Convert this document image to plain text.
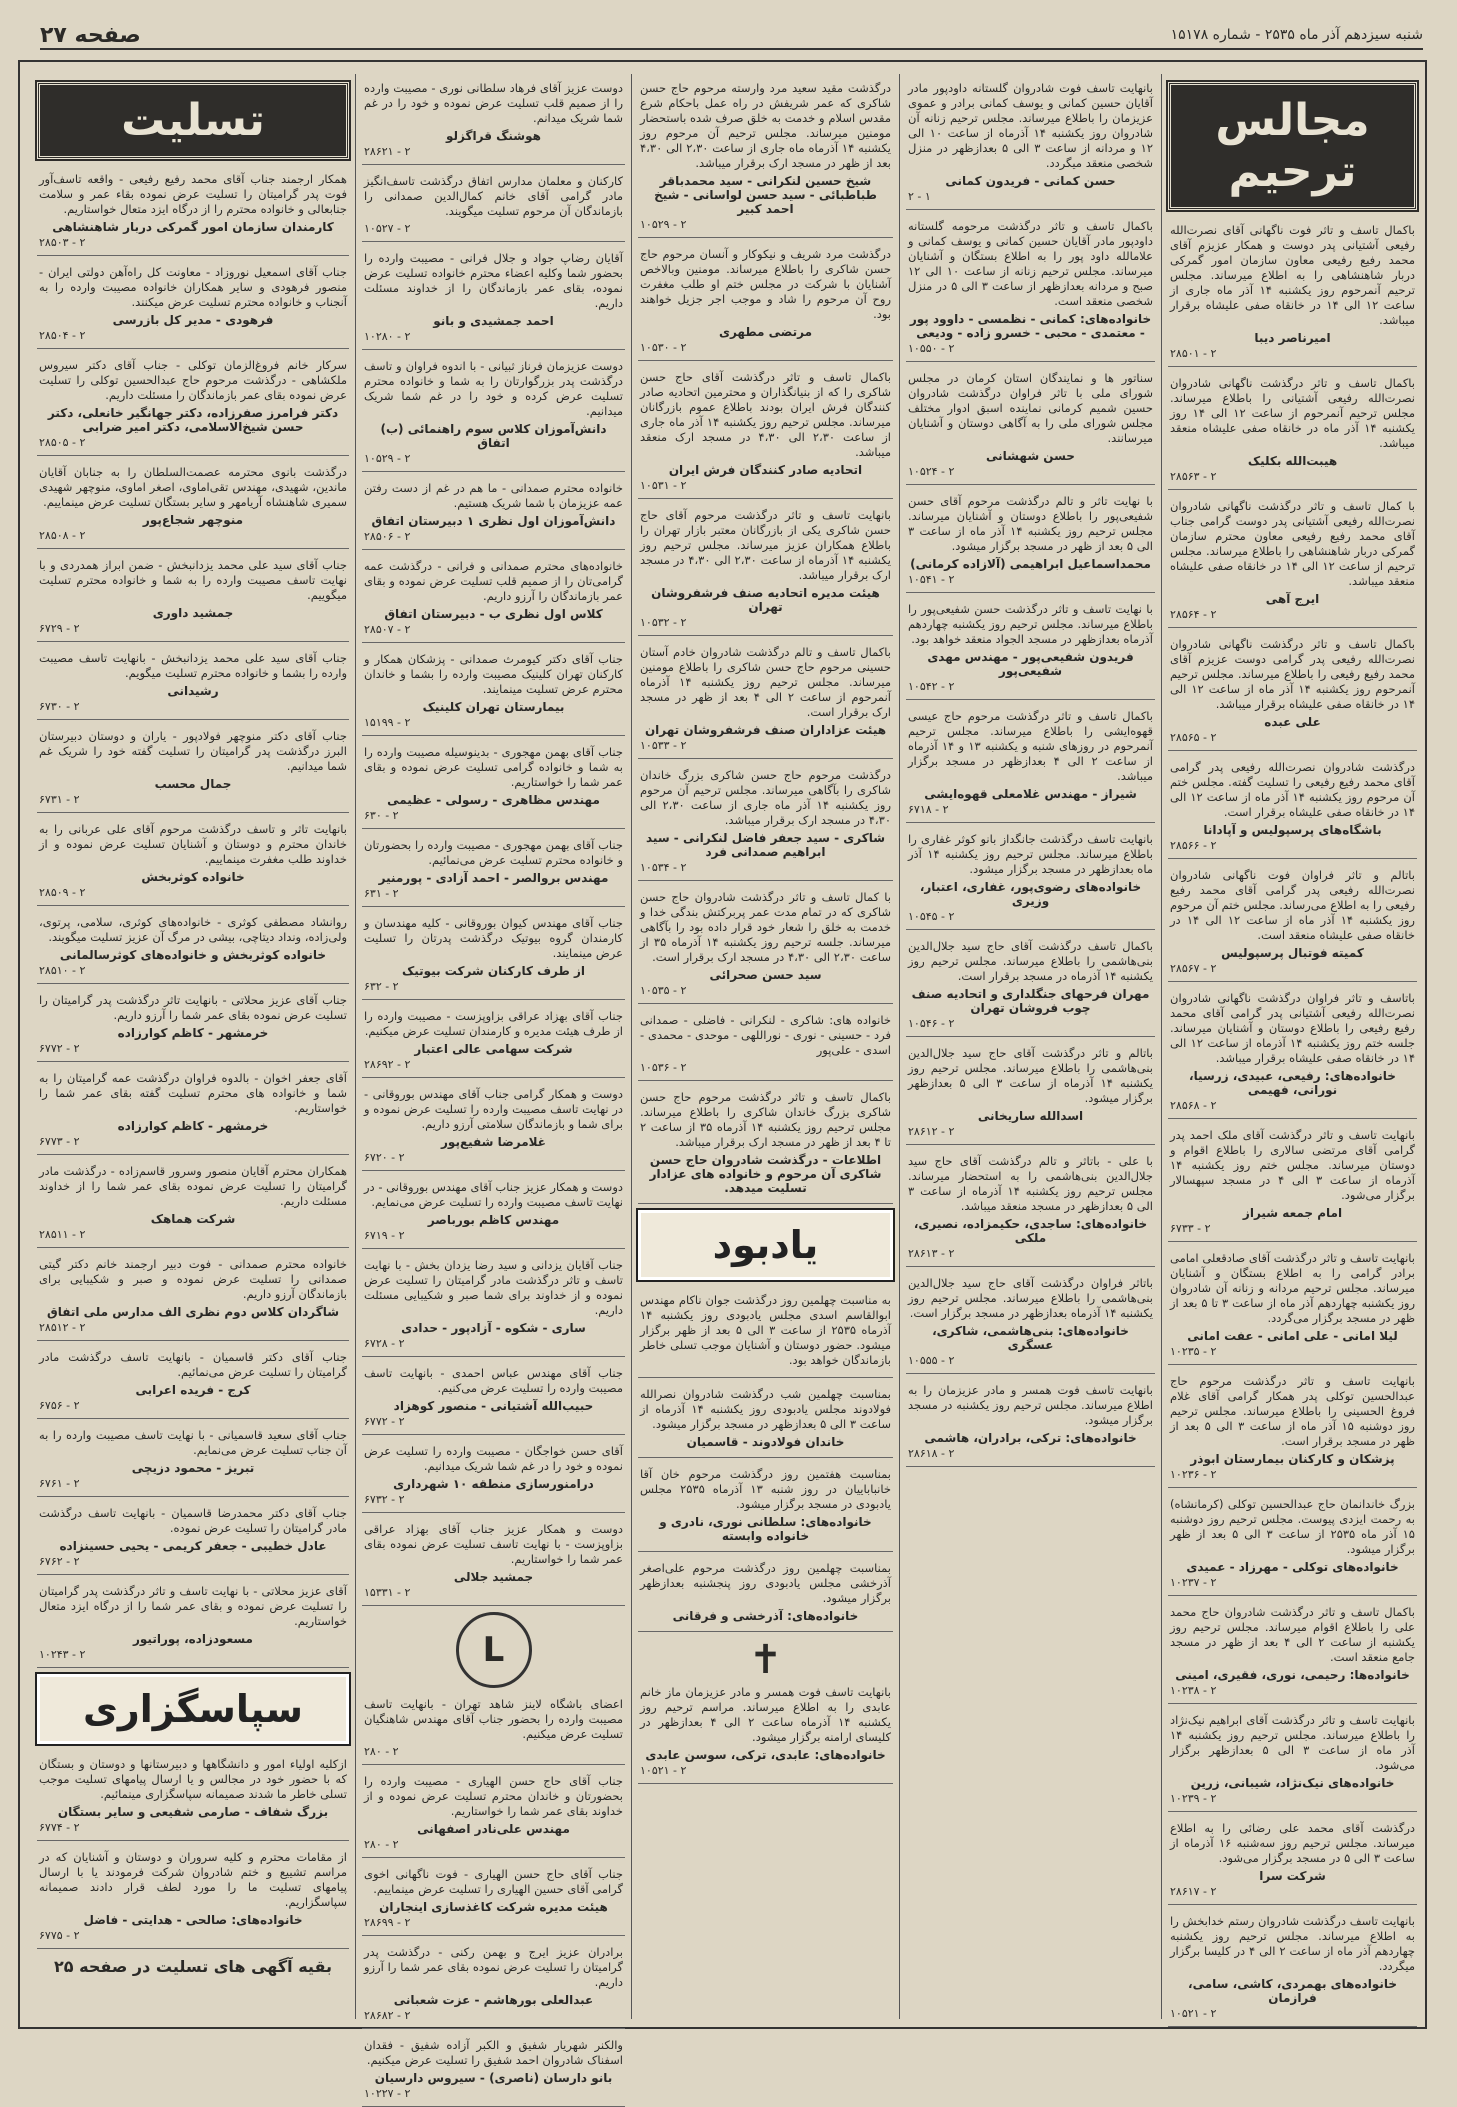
شنبه سیزدهم آذر ماه ۲۵۳۵ - شماره ۱۵۱۷۸
صفحه ۲۷
مجالس ترحیم

باکمال تاسف و تاثر فوت ناگهانی آقای نصرت‌الله رفیعی آشتیانی پدر دوست و همکار عزیزم آقای محمد رفیع رفیعی معاون سازمان امور گمرکی دربار شاهنشاهی را به اطلاع میرساند. مجلس ترحیم آنمرحوم روز یکشنبه ۱۴ آذر ماه جاری از ساعت ۱۲ الی ۱۴ در خانقاه صفی علیشاه برقرار میباشد.

امیرناصر دیبا
۲۸۵۰۱ - ۲

باکمال تاسف و تاثر درگذشت ناگهانی شادروان نصرت‌الله رفیعی آشتیانی را باطلاع میرساند. مجلس ترحیم آنمرحوم از ساعت ۱۲ الی ۱۴ روز یکشنبه ۱۴ آذر ماه در خانقاه صفی علیشاه منعقد میباشد.

هیبت‌الله بکلیک
۲۸۵۶۳ - ۲

با کمال تاسف و تاثر درگذشت ناگهانی شادروان نصرت‌الله رفیعی آشتیانی پدر دوست گرامی جناب آقای محمد رفیع رفیعی معاون محترم سازمان گمرکی دربار شاهنشاهی را باطلاع میرساند. مجلس ترحیم از ساعت ۱۲ الی ۱۴ در خانقاه صفی علیشاه منعقد میباشد.

ایرج آهی
۲۸۵۶۴ - ۲

باکمال تاسف و تاثر درگذشت ناگهانی شادروان نصرت‌الله رفیعی پدر گرامی دوست عزیزم آقای محمد رفیع رفیعی را باطلاع میرساند. مجلس ترحیم آنمرحوم روز یکشنبه ۱۴ آذر ماه از ساعت ۱۲ الی ۱۴ در خانقاه صفی علیشاه برقرار میباشد.

علی عبده
۲۸۵۶۵ - ۲

درگذشت شادروان نصرت‌الله رفیعی پدر گرامی آقای محمد رفیع رفیعی را تسلیت گفته. مجلس ختم آن مرحوم روز یکشنبه ۱۴ آذر ماه از ساعت ۱۲ الی ۱۴ در خانقاه صفی علیشاه برقرار است.

باشگاه‌های پرسپولیس و آپادانا
۲۸۵۶۶ - ۲

باتالم و تاثر فراوان فوت ناگهانی شادروان نصرت‌الله رفیعی پدر گرامی آقای محمد رفیع رفیعی را به اطلاع می‌رساند. مجلس ختم آن مرحوم روز یکشنبه ۱۴ آذر ماه از ساعت ۱۲ الی ۱۴ در خانقاه صفی علیشاه منعقد است.

کمیته فوتبال پرسپولیس
۲۸۵۶۷ - ۲

باتاسف و تاثر فراوان درگذشت ناگهانی شادروان نصرت‌الله رفیعی آشتیانی پدر گرامی آقای محمد رفیع رفیعی را باطلاع دوستان و آشنایان میرساند. جلسه ختم روز یکشنبه ۱۴ آذرماه از ساعت ۱۲ الی ۱۴ در خانقاه صفی علیشاه برقرار میباشد.

خانواده‌های: رفیعی، عبیدی، زرسیا، نورانی، فهیمی
۲۸۵۶۸ - ۲

بانهایت تاسف و تاثر درگذشت آقای ملک احمد پدر گرامی آقای مرتضی سالاری را باطلاع اقوام و دوستان میرساند. مجلس ختم روز یکشنبه ۱۴ آذرماه از ساعت ۳ الی ۴ در مسجد سپهسالار برگزار می‌شود.

امام جمعه شیراز
۶۷۳۳ - ۲

بانهایت تاسف و تاثر درگذشت آقای صادقعلی امامی برادر گرامی را به اطلاع بستگان و آشنایان میرساند. مجلس ترحیم مردانه و زنانه آن شادروان روز یکشنبه چهاردهم آذر ماه از ساعت ۳ تا ۵ بعد از ظهر در مسجد برگزار می‌گردد.

لیلا امانی - علی امانی - عفت امانی
۱۰۲۳۵ - ۲

بانهایت تاسف و تاثر درگذشت مرحوم حاج عبدالحسین توکلی پدر همکار گرامی آقای غلام فروغ الحسینی را باطلاع میرساند. مجلس ترحیم روز دوشنبه ۱۵ آذر ماه از ساعت ۳ الی ۵ بعد از ظهر در مسجد برقرار است.

پزشکان و کارکنان بیمارستان ابوذر
۱۰۲۳۶ - ۲

بزرگ خاندانمان حاج عبدالحسین توکلی (کرمانشاه) به رحمت ایزدی پیوست. مجلس ترحیم روز دوشنبه ۱۵ آذر ماه ۲۵۳۵ از ساعت ۳ الی ۵ بعد از ظهر برگزار میشود.

خانواده‌های توکلی - مهرزاد - عمیدی
۱۰۲۳۷ - ۲

باکمال تاسف و تاثر درگذشت شادروان حاج محمد علی را باطلاع اقوام میرساند. مجلس ترحیم روز یکشنبه از ساعت ۲ الی ۴ بعد از ظهر در مسجد جامع منعقد است.

خانواده‌ها: رحیمی، نوری، فقیری، امینی
۱۰۲۳۸ - ۲

بانهایت تاسف و تاثر درگذشت آقای ابراهیم نیک‌نژاد را باطلاع میرساند. مجلس ترحیم روز یکشنبه ۱۴ آذر ماه از ساعت ۳ الی ۵ بعدازظهر برگزار می‌شود.

خانواده‌های نیک‌نژاد، شیبانی، زرین
۱۰۲۳۹ - ۲

درگذشت آقای محمد علی رضائی را به اطلاع میرساند. مجلس ترحیم روز سه‌شنبه ۱۶ آذرماه از ساعت ۳ الی ۵ در مسجد برگزار می‌شود.

شرکت سرا
۲۸۶۱۷ - ۲

بانهایت تاسف درگذشت شادروان رستم خدابخش را به اطلاع میرساند. مجلس ترحیم روز یکشنبه چهاردهم آذر ماه از ساعت ۲ الی ۴ در کلیسا برگزار میگردد.

خانواده‌های بهمردی، کاشی، سامی، فرازمان
۱۰۵۲۱ - ۲

بانهایت تاسف فوت شادروان گلستانه داودپور مادر آقایان حسین کمانی و یوسف کمانی برادر و عموی عزیزمان را باطلاع میرساند. مجلس ترحیم زنانه آن شادروان روز یکشنبه ۱۴ آذرماه از ساعت ۱۰ الی ۱۲ و مردانه از ساعت ۳ الی ۵ بعدازظهر در منزل شخصی منعقد میگردد.

حسن کمانی - فریدون کمانی
۲ - ۱

باکمال تاسف و تاثر درگذشت مرحومه گلستانه داودپور مادر آقایان حسین کمانی و یوسف کمانی و علامالله داود پور را به اطلاع بستگان و آشنایان میرساند. مجلس ترحیم زنانه از ساعت ۱۰ الی ۱۲ صبح و مردانه بعدازظهر از ساعت ۳ الی ۵ در منزل شخصی منعقد است.

خانواده‌های: کمانی - نظمسی - داوود پور - معتمدی - محبی - خسرو زاده - ودیعی
۱۰۵۵۰ - ۲

سناتور ها و نمایندگان استان کرمان در مجلس شورای ملی با تاثر فراوان درگذشت شادروان حسین شمیم کرمانی نماینده اسبق ادوار مختلف مجلس شورای ملی را به آگاهی دوستان و آشنایان میرسانند.

حسن شهشانی
۱۰۵۲۴ - ۲

با نهایت تاثر و تالم درگذشت مرحوم آقای حسن شفیعی‌پور را باطلاع دوستان و آشنایان میرساند. مجلس ترحیم روز یکشنبه ۱۴ آذر ماه از ساعت ۳ الی ۵ بعد از ظهر در مسجد برگزار میشود.

محمداسماعیل ابراهیمی (آلازاده کرمانی)
۱۰۵۴۱ - ۲

با نهایت تاسف و تاثر درگذشت حسن شفیعی‌پور را باطلاع میرساند. مجلس ترحیم روز یکشنبه چهاردهم آذرماه بعدازظهر در مسجد الجواد منعقد خواهد بود.

فریدون شفیعی‌پور - مهندس مهدی شفیعی‌پور
۱۰۵۴۲ - ۲

باکمال تاسف و تاثر درگذشت مرحوم حاج عیسی قهوه‌ایشی را باطلاع میرساند. مجلس ترحیم آنمرحوم در روزهای شنبه و یکشنبه ۱۳ و ۱۴ آذرماه از ساعت ۲ الی ۴ بعدازظهر در مسجد برگزار میباشد.

شیراز - مهندس غلامعلی قهوه‌ایشی
۶۷۱۸ - ۲

بانهایت تاسف درگذشت جانگداز بانو کوثر غفاری را باطلاع میرساند. مجلس ترحیم روز یکشنبه ۱۴ آذر ماه بعدازظهر در مسجد برگزار میشود.

خانواده‌های رضوی‌پور، غفاری، اعتبار، وزیری
۱۰۵۴۵ - ۲

باکمال تاسف درگذشت آقای حاج سید جلال‌الدین بنی‌هاشمی را باطلاع میرساند. مجلس ترحیم روز یکشنبه ۱۴ آذرماه در مسجد برقرار است.

مهران فرحهای جنگلداری و اتحادیه صنف چوب فروشان تهران
۱۰۵۴۶ - ۲

باتالم و تاثر درگذشت آقای حاج سید جلال‌الدین بنی‌هاشمی را باطلاع میرساند. مجلس ترحیم روز یکشنبه ۱۴ آذرماه از ساعت ۳ الی ۵ بعدازظهر برگزار میشود.

اسدالله ساریخانی
۲۸۶۱۲ - ۲

با علی - باتاثر و تالم درگذشت آقای حاج سید جلال‌الدین بنی‌هاشمی را به استحضار میرساند. مجلس ترحیم روز یکشنبه ۱۴ آذرماه از ساعت ۳ الی ۵ بعدازظهر در مسجد منعقد میباشد.

خانواده‌های: ساجدی، حکیمزاده، نصیری، ملکی
۲۸۶۱۳ - ۲

باتاثر فراوان درگذشت آقای حاج سید جلال‌الدین بنی‌هاشمی را باطلاع میرساند. مجلس ترحیم روز یکشنبه ۱۴ آذرماه بعدازظهر در مسجد برگزار است.

خانواده‌های: بنی‌هاشمی، شاکری، عسگری
۱۰۵۵۵ - ۲

بانهایت تاسف فوت همسر و مادر عزیزمان را به اطلاع میرساند. مجلس ترحیم روز یکشنبه در مسجد برگزار میشود.

خانواده‌های: ترکی، برادران، هاشمی
۲۸۶۱۸ - ۲

درگذشت مقید سعید مرد وارسته مرحوم حاج حسن شاکری که عمر شریفش در راه عمل باحکام شرع مقدس اسلام و خدمت به خلق صرف شده باستحضار مومنین میرساند. مجلس ترحیم آن مرحوم روز یکشنبه ۱۴ آذرماه ماه جاری از ساعت ۲،۳۰ الی ۴،۳۰ بعد از ظهر در مسجد ارک برقرار میباشد.

شیخ حسین لنکرانی - سید محمدباقر طباطبائی - سید حسن لواسانی - شیخ احمد کبیر
۱۰۵۲۹ - ۲

درگذشت مرد شریف و نیکوکار و آنسان مرحوم حاج حسن شاکری را باطلاع میرساند. مومنین وبالاخص آشنایان با شرکت در مجلس ختم او طلب مغفرت روح آن مرحوم را شاد و موجب اجر جزیل خواهند بود.

مرتضی مطهری
۱۰۵۳۰ - ۲

باکمال تاسف و تاثر درگذشت آقای حاج حسن شاکری را که از بنیانگذاران و محترمین اتحادیه صادر کنندگان فرش ایران بودند باطلاع عموم بازرگانان میرساند. مجلس ترحیم روز یکشنبه ۱۴ آذر ماه جاری از ساعت ۲،۳۰ الی ۴،۳۰ در مسجد ارک منعقد میباشد.

اتحادیه صادر کنندگان فرش ایران
۱۰۵۳۱ - ۲

بانهایت تاسف و تاثر درگذشت مرحوم آقای حاج حسن شاکری یکی از بازرگانان معتبر بازار تهران را باطلاع همکاران عزیز میرساند. مجلس ترحیم روز یکشنبه ۱۴ آذرماه از ساعت ۲،۳۰ الی ۴،۳۰ در مسجد ارک برقرار میباشد.

هیئت مدیره اتحادیه صنف فرشفروشان تهران
۱۰۵۳۲ - ۲

باکمال تاسف و تالم درگذشت شادروان خادم آستان حسینی مرحوم حاج حسن شاکری را باطلاع مومنین میرساند. مجلس ترحیم روز یکشنبه ۱۴ آذرماه آنمرحوم از ساعت ۲ الی ۴ بعد از ظهر در مسجد ارک برقرار است.

هیئت عزاداران صنف فرشفروشان تهران
۱۰۵۳۳ - ۲

درگذشت مرحوم حاج حسن شاکری بزرگ خاندان شاکری را بآگاهی میرساند. مجلس ترحیم آن مرحوم روز یکشنبه ۱۴ آذر ماه جاری از ساعت ۲،۳۰ الی ۴،۳۰ در مسجد ارک برقرار میباشد.

شاکری - سید جعفر فاضل لنکرانی - سید ابراهیم صمدانی فرد
۱۰۵۳۴ - ۲

با کمال تاسف و تاثر درگذشت شادروان حاج حسن شاکری که در تمام مدت عمر پربرکتش بندگی خدا و خدمت به خلق را شعار خود قرار داده بود را بآگاهی میرساند. جلسه ترحیم روز یکشنبه ۱۴ آذرماه ۳۵ از ساعت ۲،۳۰ الی ۴،۳۰ در مسجد ارک برقرار است.

سید حسن صحرائی
۱۰۵۳۵ - ۲

خانواده های: شاکری - لنکرانی - فاضلی - صمدانی فرد - حسینی - نوری - نوراللهی - موحدی - محمدی - اسدی - علی‌پور

۱۰۵۳۶ - ۲

باکمال تاسف و تاثر درگذشت مرحوم حاج حسن شاکری بزرگ خاندان شاکری را باطلاع میرساند. مجلس ترحیم روز یکشنبه ۱۴ آذرماه ۳۵ از ساعت ۲ تا ۴ بعد از ظهر در مسجد ارک برقرار میباشد.

اطلاعات - درگذشت شادروان حاج حسن شاکری آن مرحوم و خانواده های عزادار تسلیت میدهد.
یادبود

به مناسبت چهلمین روز درگذشت جوان ناکام مهندس ابوالقاسم اسدی مجلس یادبودی روز یکشنبه ۱۴ آذرماه ۲۵۳۵ از ساعت ۳ الی ۵ بعد از ظهر برگزار میشود. حضور دوستان و آشنایان موجب تسلی خاطر بازماندگان خواهد بود.

بمناسبت چهلمین شب درگذشت شادروان نصرالله فولادوند مجلس یادبودی روز یکشنبه ۱۴ آذرماه از ساعت ۳ الی ۵ بعدازظهر در مسجد برگزار میشود.

خاندان فولادوند - قاسمیان

بمناسبت هفتمین روز درگذشت مرحوم خان آقا خانباباییان در روز شنبه ۱۳ آذرماه ۲۵۳۵ مجلس یادبودی در مسجد برگزار میشود.

خانواده‌های: سلطانی نوری، نادری و خانواده وابسته

بمناسبت چهلمین روز درگذشت مرحوم علی‌اصغر آذرخشی مجلس یادبودی روز پنجشنبه بعدازظهر برگزار میشود.

خانواده‌های: آذرخشی و فرقانی
✝

بانهایت تاسف فوت همسر و مادر عزیزمان ماز خانم عابدی را به اطلاع میرساند. مراسم ترحیم روز یکشنبه ۱۴ آذرماه ساعت ۲ الی ۴ بعدازظهر در کلیسای ارامنه برگزار میشود.

خانواده‌های: عابدی، ترکی، سوسن عابدی
۱۰۵۲۱ - ۲

دوست عزیز آقای فرهاد سلطانی نوری - مصیبت وارده را از صمیم قلب تسلیت عرض نموده و خود را در غم شما شریک میدانم.

هوشنگ قراگزلو
۲۸۶۲۱ - ۲

کارکنان و معلمان مدارس اتفاق درگذشت تاسف‌انگیز مادر گرامی آقای خانم کمال‌الدین صمدانی را بازماندگان آن مرحوم تسلیت میگویند.

۱۰۵۲۷ - ۲

آقایان رضاپ جواد و جلال فرانی - مصیبت وارده را بحضور شما وکلیه اعضاء محترم خانواده تسلیت عرض نموده، بقای عمر بازماندگان را از خداوند مسئلت داریم.

احمد جمشیدی و بانو
۱۰۲۸۰ - ۲

دوست عزیزمان فرناز ثبیانی - با اندوه فراوان و تاسف درگذشت پدر بزرگوارتان را به شما و خانواده محترم تسلیت عرض کرده و خود را در غم شما شریک میدانیم.

دانش‌آموزان کلاس سوم راهنمائی (ب) اتفاق
۱۰۵۲۹ - ۲

خانواده محترم صمدانی - ما هم در غم از دست رفتن عمه عزیزمان با شما شریک هستیم.

دانش‌آموزان اول نظری ۱ دبیرستان اتفاق
۲۸۵۰۶ - ۲

خانواده‌های محترم صمدانی و فرانی - درگذشت عمه گرامی‌تان را از صمیم قلب تسلیت عرض نموده و بقای عمر بازماندگان را آرزو داریم.

کلاس اول نظری ب - دبیرستان اتفاق
۲۸۵۰۷ - ۲

جناب آقای دکتر کیومرث صمدانی - پزشکان همکار و کارکنان تهران کلینیک مصیبت وارده را بشما و خاندان محترم عرض تسلیت مینمایند.

بیمارستان تهران کلینیک
۱۵۱۹۹ - ۲

جناب آقای بهمن مهجوری - بدینوسیله مصیبت وارده را به شما و خانواده گرامی تسلیت عرض نموده و بقای عمر شما را خواستاریم.

مهندس مظاهری - رسولی - عظیمی
۶۳۰ - ۲

جناب آقای بهمن مهجوری - مصیبت وارده را بحضورتان و خانواده محترم تسلیت عرض می‌نمائیم.

مهندس بروالصر - احمد آزادی - پورمنیر
۶۳۱ - ۲

جناب آقای مهندس کیوان بوروقانی - کلیه مهندسان و کارمندان گروه بیوتیک درگذشت پدرتان را تسلیت عرض مینمایند.

از طرف کارکنان شرکت بیوتیک
۶۳۲ - ۲

جناب آقای بهزاد عراقی بزاوپزست - مصیبت وارده را از طرف هیئت مدیره و کارمندان تسلیت عرض میکنیم.

شرکت سهامی عالی اعتبار
۲۸۶۹۲ - ۲

دوست و همکار گرامی جناب آقای مهندس بوروقانی - در نهایت تاسف مصیبت وارده را تسلیت عرض نموده و برای شما و بازماندگان سلامتی آرزو داریم.

غلامرضا شفیع‌پور
۶۷۲۰ - ۲

دوست و همکار عزیز جناب آقای مهندس بوروقانی - در نهایت تاسف مصیبت وارده را تسلیت عرض می‌نمایم.

مهندس کاظم بورباصر
۶۷۱۹ - ۲

جناب آقایان یزدانی و سید رضا یزدان بخش - با نهایت تاسف و تاثر درگذشت مادر گرامیتان را تسلیت عرض نموده و از خداوند برای شما صبر و شکیبایی مسئلت داریم.

ساری - شکوه - آزادپور - حدادی
۶۷۲۸ - ۲

جناب آقای مهندس عباس احمدی - بانهایت تاسف مصیبت وارده را تسلیت عرض می‌کنیم.

حبیب‌الله آشتیانی - منصور کوهزاد
۶۷۷۲ - ۲

آقای حسن خواجگان - مصیبت وارده را تسلیت عرض نموده و خود را در غم شما شریک میدانیم.

درامنورسازی منطقه ۱۰ شهرداری
۶۷۳۲ - ۲

دوست و همکار عزیز جناب آقای بهزاد عراقی بزاوپزست - با نهایت تاسف تسلیت عرض نموده بقای عمر شما را خواستاریم.

جمشید جلالی
۱۵۳۳۱ - ۲
L

اعضای باشگاه لاینز شاهد تهران - بانهایت تاسف مصیبت وارده را بحضور جناب آقای مهندس شاهنگیان تسلیت عرض میکنیم.

۲۸۰ - ۲

جناب آقای حاج حسن الهیاری - مصیبت وارده را بحضورتان و خاندان محترم تسلیت عرض نموده و از خداوند بقای عمر شما را خواستاریم.

مهندس علی‌نادر اصفهانی
۲۸۰ - ۲

جناب آقای حاج حسن الهیاری - فوت ناگهانی اخوی گرامی آقای حسین الهیاری را تسلیت عرض مینماییم.

هیئت مدیره شرکت کاغذسازی اینجاران
۲۸۶۹۹ - ۲

برادران عزیز ایرج و بهمن رکنی - درگذشت پدر گرامیتان را تسلیت عرض نموده بقای عمر شما را آرزو داریم.

عبدالعلی بورهاشم - عزت شعبانی
۲۸۶۸۲ - ۲

والکنر شهریار شفیق و الکبر آزاده شفیق - فقدان اسفناک شادروان احمد شفیق را تسلیت عرض میکنیم.

بانو دارسان (ناصری) - سیروس دارسیان
۱۰۲۲۷ - ۲
تسلیت

همکار ارجمند جناب آقای محمد رفیع رفیعی - واقعه تاسف‌آور فوت پدر گرامیتان را تسلیت عرض نموده بقاء عمر و سلامت جنابعالی و خانواده محترم را از درگاه ایزد متعال خواستاریم.

کارمندان سازمان امور گمرکی دربار شاهنشاهی
۲۸۵۰۳ - ۲

جناب آقای اسمعیل نوروزاد - معاونت کل راه‌آهن دولتی ایران - منصور فرهودی و سایر همکاران خانواده مصیبت وارده را به آنجناب و خانواده محترم تسلیت عرض میکنند.

فرهودی - مدیر کل بازرسی
۲۸۵۰۴ - ۲

سرکار خانم فروغ‌الزمان توکلی - جناب آقای دکتر سیروس ملکشاهی - درگذشت مرحوم حاج عبدالحسین توکلی را تسلیت عرض نموده بقای عمر بازماندگان را مسئلت داریم.

دکتر فرامرز صفرزاده، دکتر جهانگیر خانعلی، دکتر حسن شیخ‌الاسلامی، دکتر امیر ضرابی
۲۸۵۰۵ - ۲

درگذشت بانوی محترمه عصمت‌السلطان را به جنابان آقایان ماندین، شهیدی، مهندس تقی‌اماوی، اصغر اماوی، منوچهر شهیدی سمیری شاهنشاه آریامهر و سایر بستگان تسلیت عرض مینماییم.

منوچهر شجاع‌پور
۲۸۵۰۸ - ۲

جناب آقای سید علی محمد یزدانبخش - ضمن ابراز همدردی و با نهایت تاسف مصیبت وارده را به شما و خانواده محترم تسلیت میگوییم.

جمشید داوری
۶۷۲۹ - ۲

جناب آقای سید علی محمد یزدانبخش - بانهایت تاسف مصیبت وارده را بشما و خانواده محترم تسلیت میگویم.

رشیدانی
۶۷۳۰ - ۲

جناب آقای دکتر منوچهر فولادپور - یاران و دوستان دبیرستان البرز درگذشت پدر گرامیتان را تسلیت گفته خود را شریک غم شما میدانیم.

جمال محسب
۶۷۳۱ - ۲

بانهایت تاثر و تاسف درگذشت مرحوم آقای علی عربانی را به خاندان محترم و دوستان و آشنایان تسلیت عرض نموده و از خداوند طلب مغفرت مینماییم.

خانواده کوثربخش
۲۸۵۰۹ - ۲

روانشاد مصطفی کوثری - خانواده‌های کوثری، سلامی، پرتوی، ولی‌زاده، ونداد دیتاچی، بیشی در مرگ آن عزیز تسلیت میگویند.

خانواده کوثربخش و خانواده‌های کوثرسالمانی
۲۸۵۱۰ - ۲

جناب آقای عزیز محلاتی - بانهایت تاثر درگذشت پدر گرامیتان را تسلیت عرض نموده بقای عمر شما را آرزو داریم.

خرمشهر - کاظم کوارزاده
۶۷۷۲ - ۲

آقای جعفر اخوان - بالدوه فراوان درگذشت عمه گرامیتان را به شما و خانواده های محترم تسلیت گفته بقای عمر شما را خواستاریم.

خرمشهر - کاظم کوارزاده
۶۷۷۳ - ۲

همکاران محترم آقایان منصور وسرور قاسم‌زاده - درگذشت مادر گرامیتان را تسلیت عرض نموده بقای عمر شما را از خداوند مسئلت داریم.

شرکت هماهک
۲۸۵۱۱ - ۲

خانواده محترم صمدانی - فوت دبیر ارجمند خانم دکتر گیتی صمدانی را تسلیت عرض نموده و صبر و شکیبایی برای بازماندگان آرزو داریم.

شاگردان کلاس دوم نظری الف مدارس ملی اتفاق
۲۸۵۱۲ - ۲

جناب آقای دکتر قاسمیان - بانهایت تاسف درگذشت مادر گرامیتان را تسلیت عرض می‌نمائیم.

کرج - فریده اعرابی
۶۷۵۶ - ۲

جناب آقای سعید قاسمیانی - با نهایت تاسف مصیبت وارده را به آن جناب تسلیت عرض می‌نمایم.

تبریز - محمود دزیچی
۶۷۶۱ - ۲

جناب آقای دکتر محمدرضا قاسمیان - بانهایت تاسف درگذشت مادر گرامیتان را تسلیت عرض نموده.

عادل خطیبی - جعفر کریمی - یحیی حسینزاده
۶۷۶۲ - ۲

آقای عزیز محلاتی - با نهایت تاسف و تاثر درگذشت پدر گرامیتان را تسلیت عرض نموده و بقای عمر شما را از درگاه ایزد متعال خواستاریم.

مسعودزاده، پوراتیور
۱۰۲۴۳ - ۲
سپاسگزاری

ازکلیه اولیاء امور و دانشگاهها و دبیرستانها و دوستان و بستگان که با حضور خود در مجالس و یا ارسال پیامهای تسلیت موجب تسلی خاطر ما شدند صمیمانه سپاسگزاری مینمائیم.

بزرگ شفاف - صارمی شفیعی و سایر بستگان
۶۷۷۴ - ۲

از مقامات محترم و کلیه سروران و دوستان و آشنایان که در مراسم تشییع و ختم شادروان شرکت فرمودند یا با ارسال پیامهای تسلیت ما را مورد لطف قرار دادند صمیمانه سپاسگزاریم.

خانواده‌های: صالحی - هدایتی - فاضل
۶۷۷۵ - ۲
بقیه آگهی های تسلیت در صفحه ۲۵
